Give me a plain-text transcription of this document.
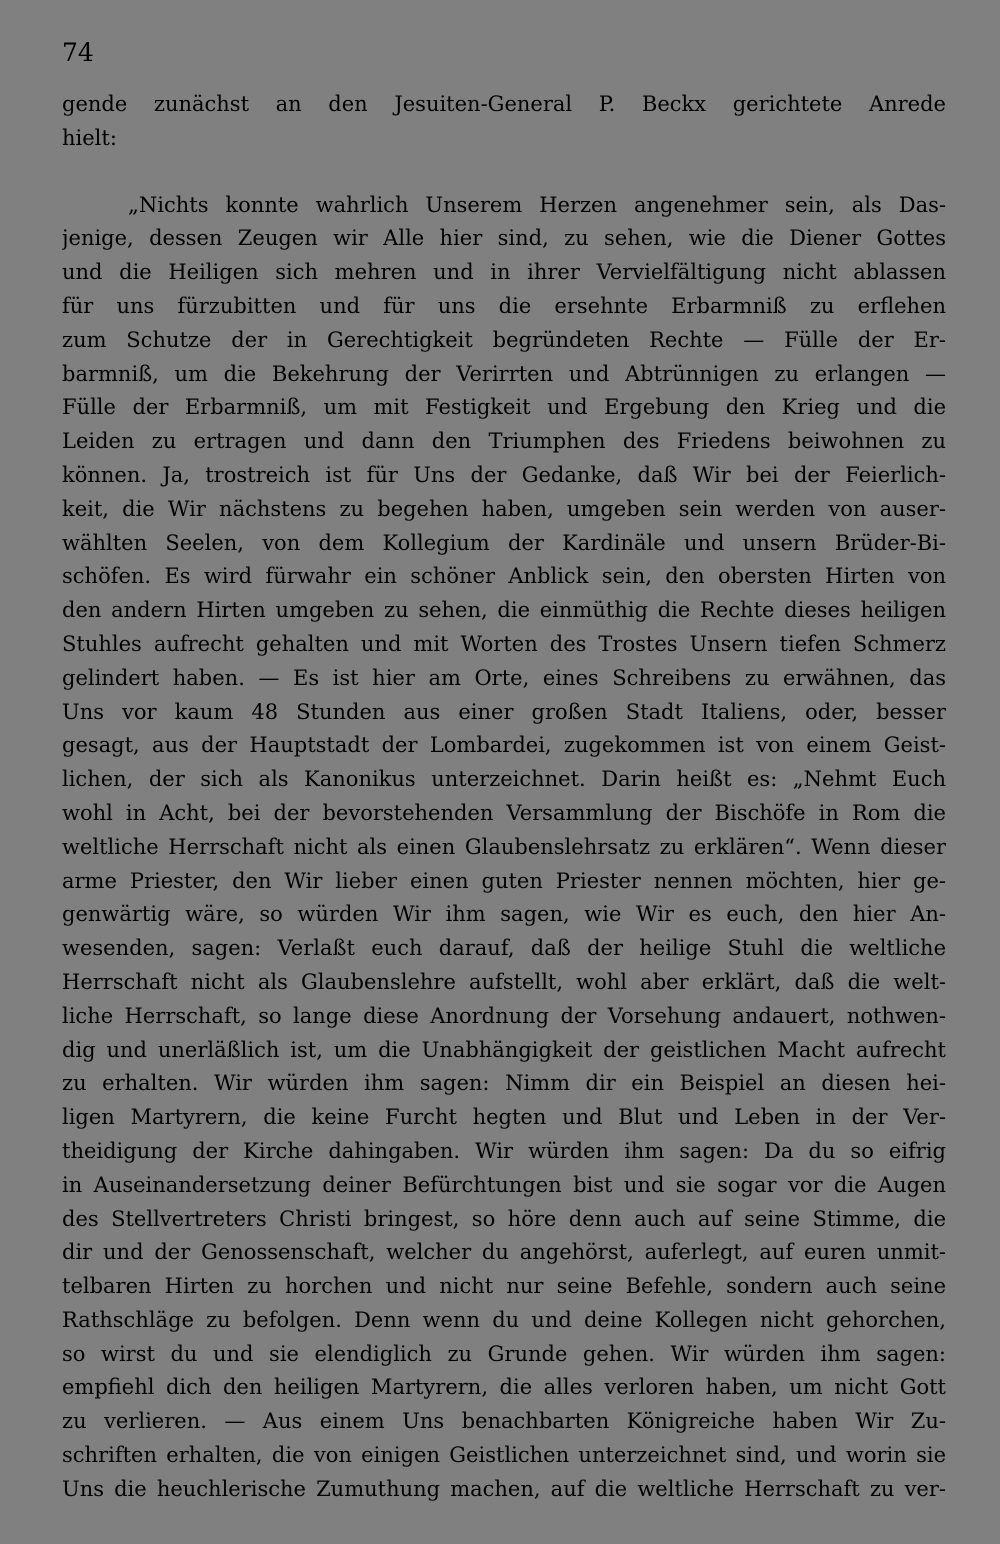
74
gende zunächst an den Jesuiten-General P. Beckx gerichtete Anrede
hielt:
„Nichts konnte wahrlich Unserem Herzen angenehmer sein, als Das-
jenige, dessen Zeugen wir Alle hier sind, zu sehen, wie die Diener Gottes
und die Heiligen sich mehren und in ihrer Vervielfältigung nicht ablassen
für uns fürzubitten und für uns die ersehnte Erbarmniß zu erflehen
zum Schutze der in Gerechtigkeit begründeten Rechte — Fülle der Er-
barmniß, um die Bekehrung der Verirrten und Abtrünnigen zu erlangen —
Fülle der Erbarmniß, um mit Festigkeit und Ergebung den Krieg und die
Leiden zu ertragen und dann den Triumphen des Friedens beiwohnen zu
können. Ja, trostreich ist für Uns der Gedanke, daß Wir bei der Feierlich-
keit, die Wir nächstens zu begehen haben, umgeben sein werden von auser-
wählten Seelen, von dem Kollegium der Kardinäle und unsern Brüder-Bi-
schöfen. Es wird fürwahr ein schöner Anblick sein, den obersten Hirten von
den andern Hirten umgeben zu sehen, die einmüthig die Rechte dieses heiligen
Stuhles aufrecht gehalten und mit Worten des Trostes Unsern tiefen Schmerz
gelindert haben. — Es ist hier am Orte, eines Schreibens zu erwähnen, das
Uns vor kaum 48 Stunden aus einer großen Stadt Italiens, oder, besser
gesagt, aus der Hauptstadt der Lombardei, zugekommen ist von einem Geist-
lichen, der sich als Kanonikus unterzeichnet. Darin heißt es: „Nehmt Euch
wohl in Acht, bei der bevorstehenden Versammlung der Bischöfe in Rom die
weltliche Herrschaft nicht als einen Glaubenslehrsatz zu erklären“. Wenn dieser
arme Priester, den Wir lieber einen guten Priester nennen möchten, hier ge-
genwärtig wäre, so würden Wir ihm sagen, wie Wir es euch, den hier An-
wesenden, sagen: Verlaßt euch darauf, daß der heilige Stuhl die weltliche
Herrschaft nicht als Glaubenslehre aufstellt, wohl aber erklärt, daß die welt-
liche Herrschaft, so lange diese Anordnung der Vorsehung andauert, nothwen-
dig und unerläßlich ist, um die Unabhängigkeit der geistlichen Macht aufrecht
zu erhalten. Wir würden ihm sagen: Nimm dir ein Beispiel an diesen hei-
ligen Martyrern, die keine Furcht hegten und Blut und Leben in der Ver-
theidigung der Kirche dahingaben. Wir würden ihm sagen: Da du so eifrig
in Auseinandersetzung deiner Befürchtungen bist und sie sogar vor die Augen
des Stellvertreters Christi bringest, so höre denn auch auf seine Stimme, die
dir und der Genossenschaft, welcher du angehörst, auferlegt, auf euren unmit-
telbaren Hirten zu horchen und nicht nur seine Befehle, sondern auch seine
Rathschläge zu befolgen. Denn wenn du und deine Kollegen nicht gehorchen,
so wirst du und sie elendiglich zu Grunde gehen. Wir würden ihm sagen:
empfiehl dich den heiligen Martyrern, die alles verloren haben, um nicht Gott
zu verlieren. — Aus einem Uns benachbarten Königreiche haben Wir Zu-
schriften erhalten, die von einigen Geistlichen unterzeichnet sind, und worin sie
Uns die heuchlerische Zumuthung machen, auf die weltliche Herrschaft zu ver-
